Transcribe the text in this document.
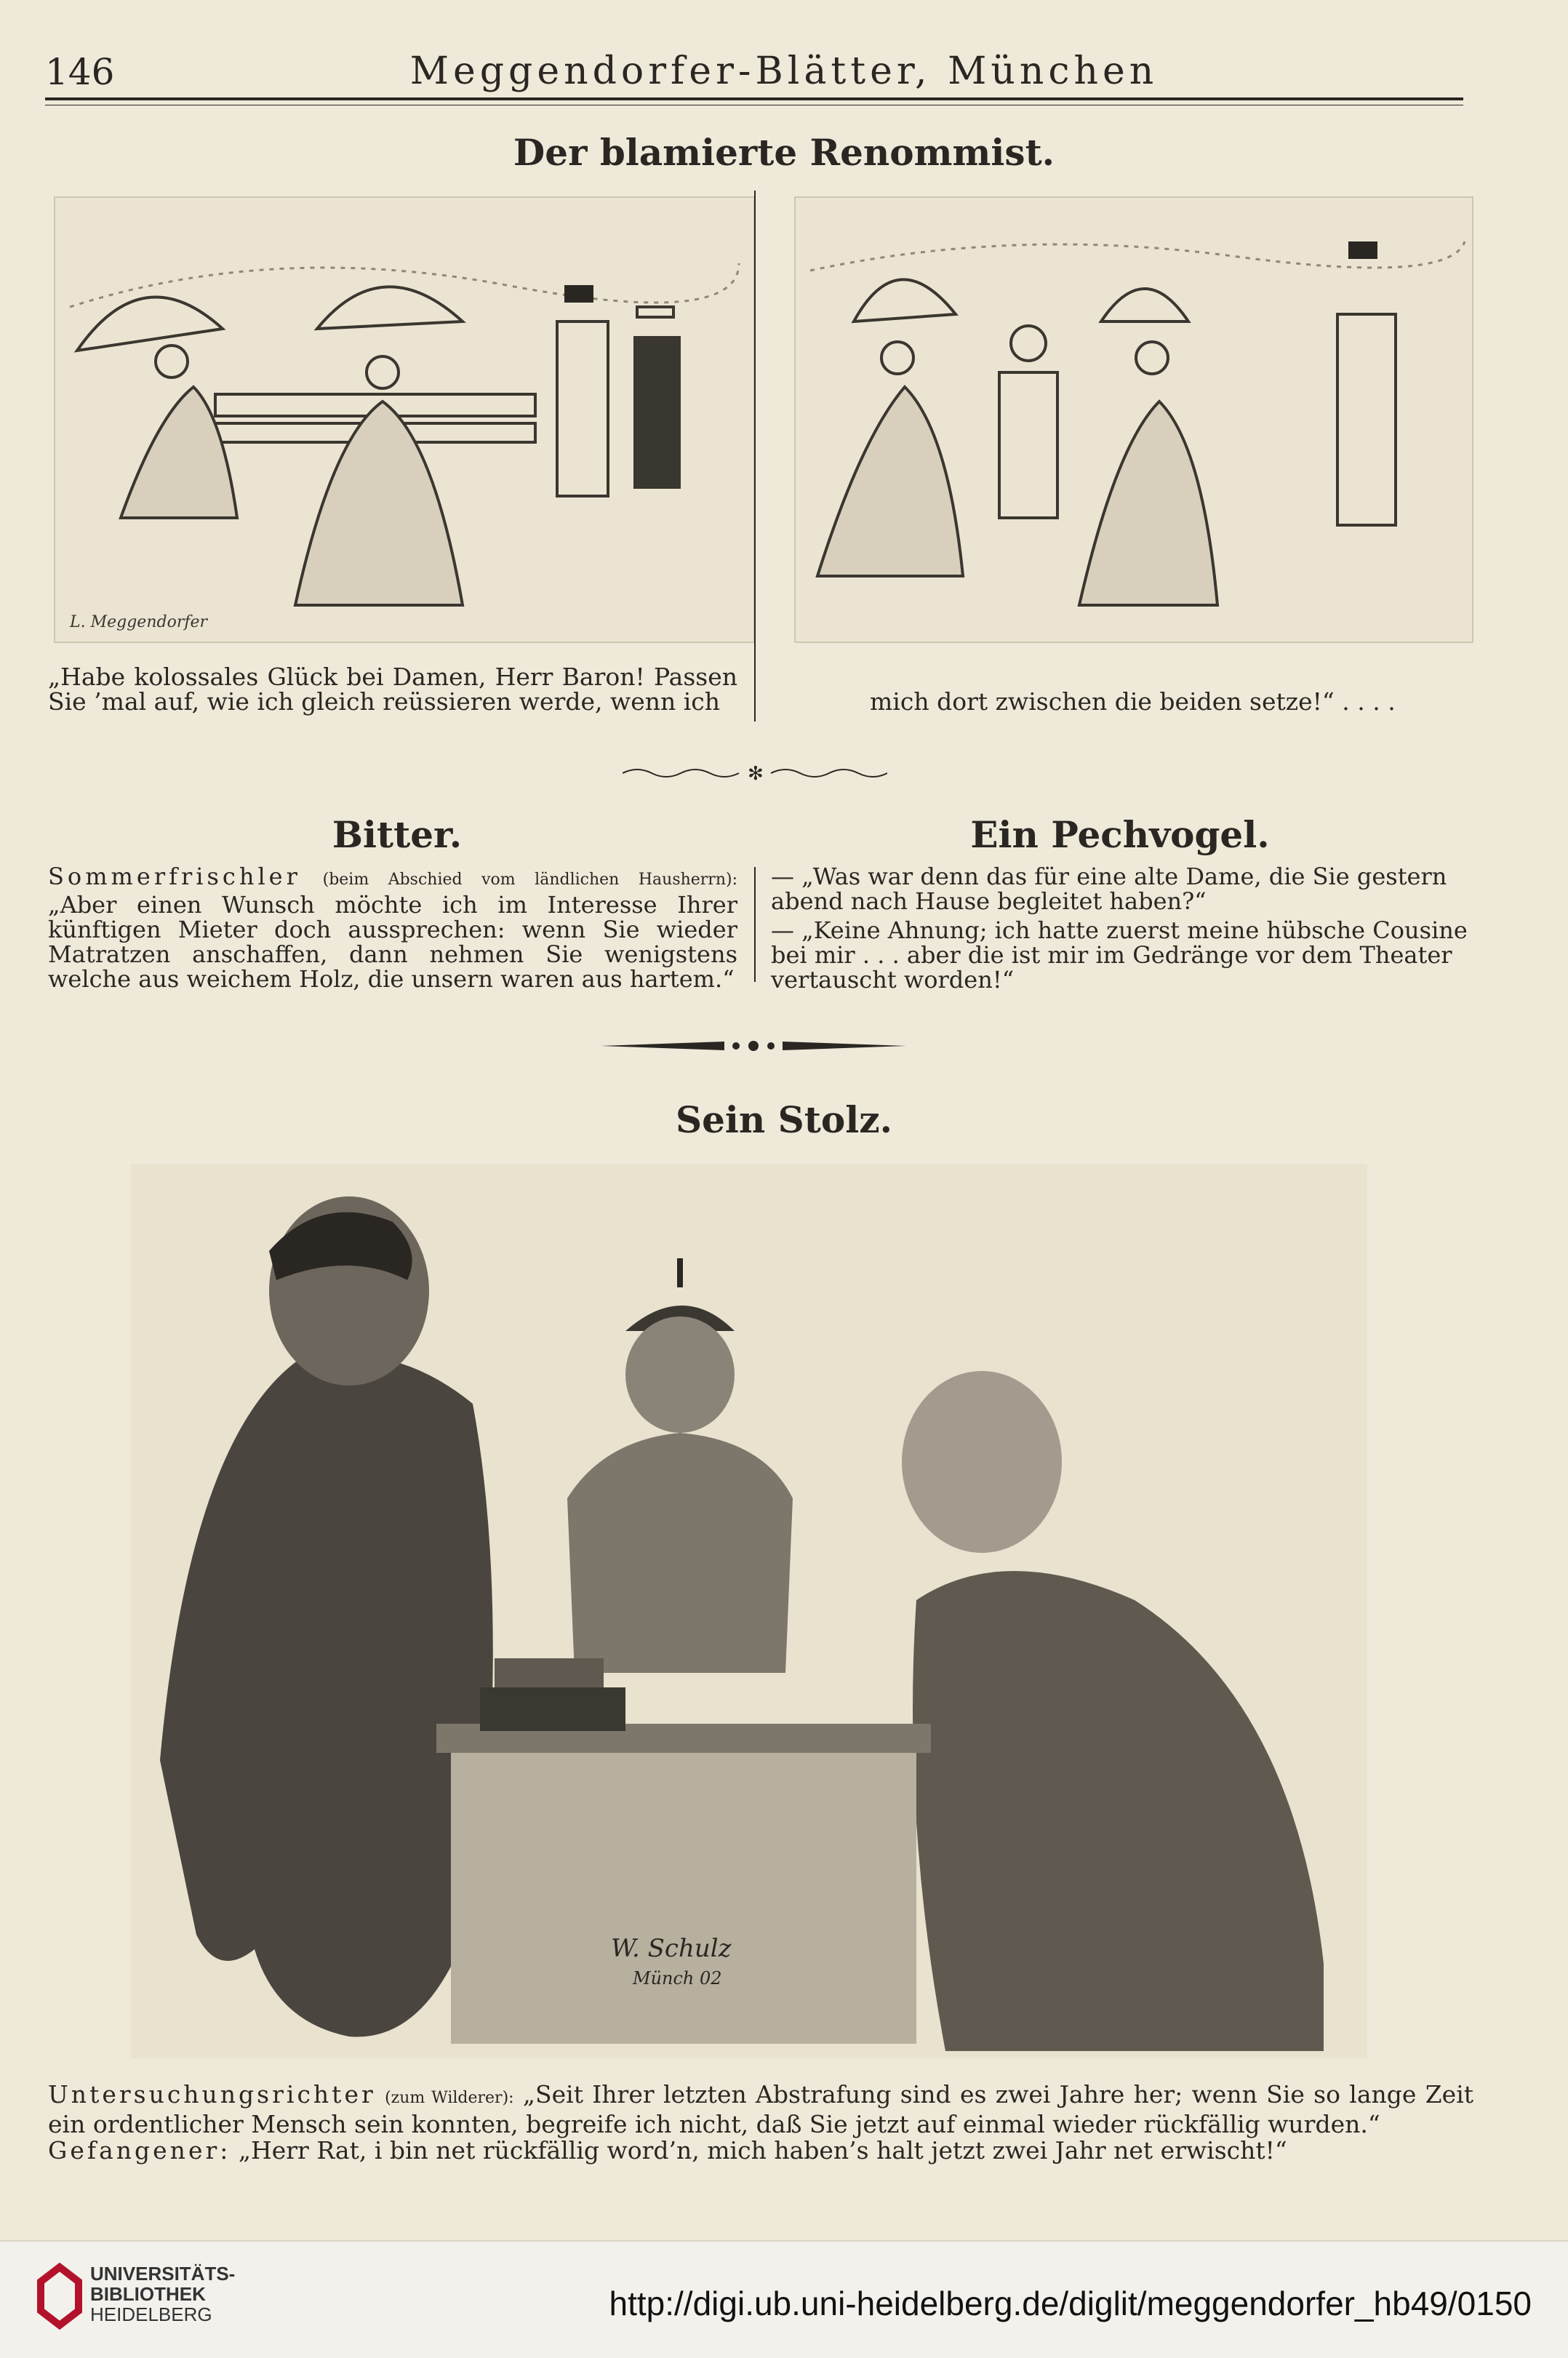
146	Meggendorfer-Blätter, München
Der blamierte Renommist.
L. Meggendorfer
„Habe kolossales Glück bei Damen, Herr Baron! Passen Sie ’mal auf, wie ich gleich reüssieren werde, wenn ich	mich dort zwischen die beiden setze!“ . . . .
✻
Bitter.
Sommerfrischler (beim Abschied vom ländlichen Hausherrn): „Aber einen Wunsch möchte ich im Interesse Ihrer künftigen Mieter doch aussprechen: wenn Sie wieder Matratzen anschaffen, dann nehmen Sie wenigstens welche aus weichem Holz, die unsern waren aus hartem.“
Ein Pechvogel.
— „Was war denn das für eine alte Dame, die Sie gestern abend nach Hause begleitet haben?“
— „Keine Ahnung; ich hatte zuerst meine hübsche Cousine bei mir . . . aber die ist mir im Gedränge vor dem Theater vertauscht worden!“
Sein Stolz.
W. Schulz
Münch 02
Untersuchungsrichter (zum Wilderer): „Seit Ihrer letzten Abstrafung sind es zwei Jahre her; wenn Sie so lange Zeit ein ordentlicher Mensch sein konnten, begreife ich nicht, daß Sie jetzt auf einmal wieder rückfällig wurden.“
Gefangener: „Herr Rat, i bin net rückfällig word’n, mich haben’s halt jetzt zwei Jahr net erwischt!“
UNIVERSITÄTS-
BIBLIOTHEK
HEIDELBERG	http://digi.ub.uni-heidelberg.de/diglit/meggendorfer_hb49/0150
